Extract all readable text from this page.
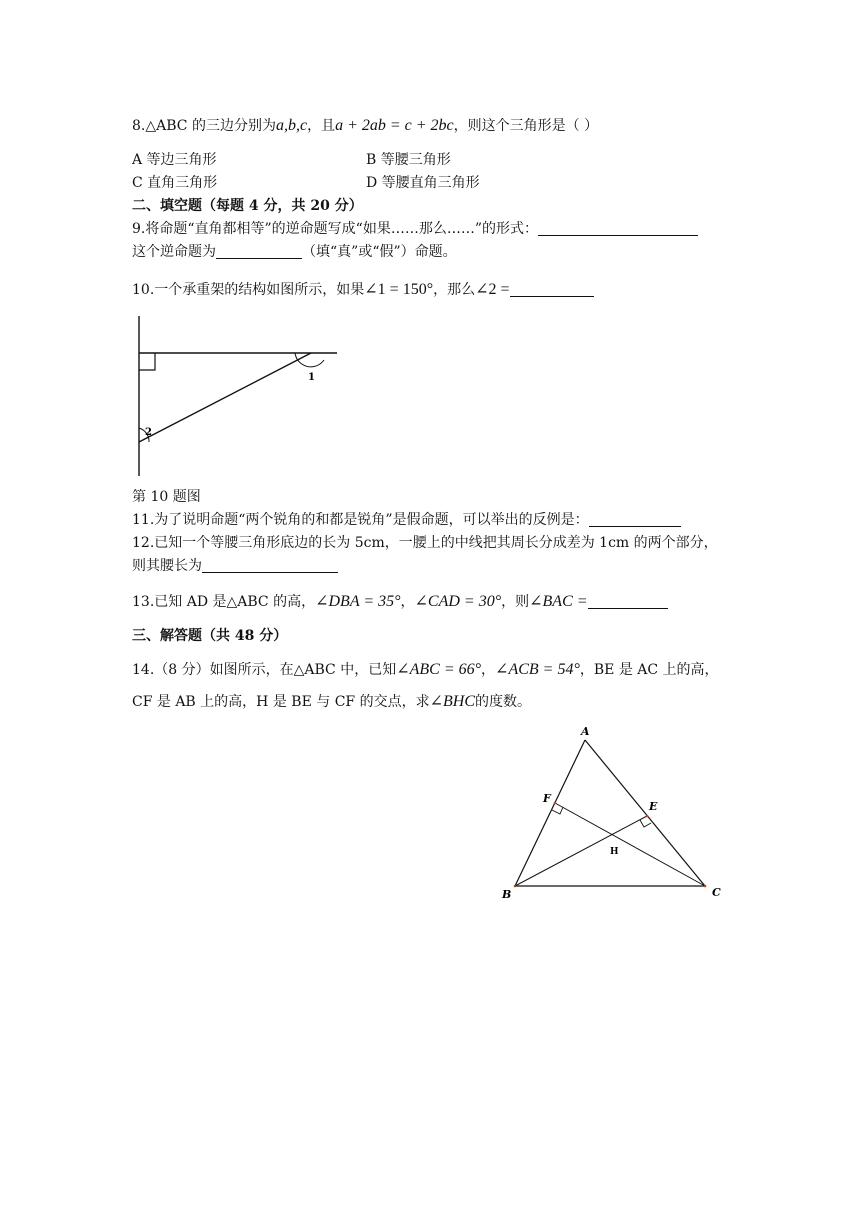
8.△ABC 的三边分别为a,b,c，且a + 2ab = c + 2bc，则这个三角形是（ ）
A 等边三角形	B 等腰三角形
C 直角三角形	D 等腰直角三角形
二、填空题（每题 4 分，共 20 分）
9.将命题“直角都相等”的逆命题写成“如果……那么……”的形式：
这个逆命题为	（填“真”或“假”）命题。
10.一个承重架的结构如图所示，如果∠1 = 150°，那么∠2 =
1
2
第 10 题图
11.为了说明命题“两个锐角的和都是锐角”是假命题，可以举出的反例是：
12.已知一个等腰三角形底边的长为 5cm，一腰上的中线把其周长分成差为 1cm 的两个部分，
则其腰长为
13.已知 AD 是△ABC 的高，∠DBA = 35°，∠CAD = 30°，则∠BAC =
三、解答题（共 48 分）
14.（8 分）如图所示，在△ABC 中，已知∠ABC = 66°，∠ACB = 54°，BE 是 AC 上的高，
CF 是 AB 上的高，H 是 BE 与 CF 的交点，求∠BHC的度数。
A
B	C
E
F
H
